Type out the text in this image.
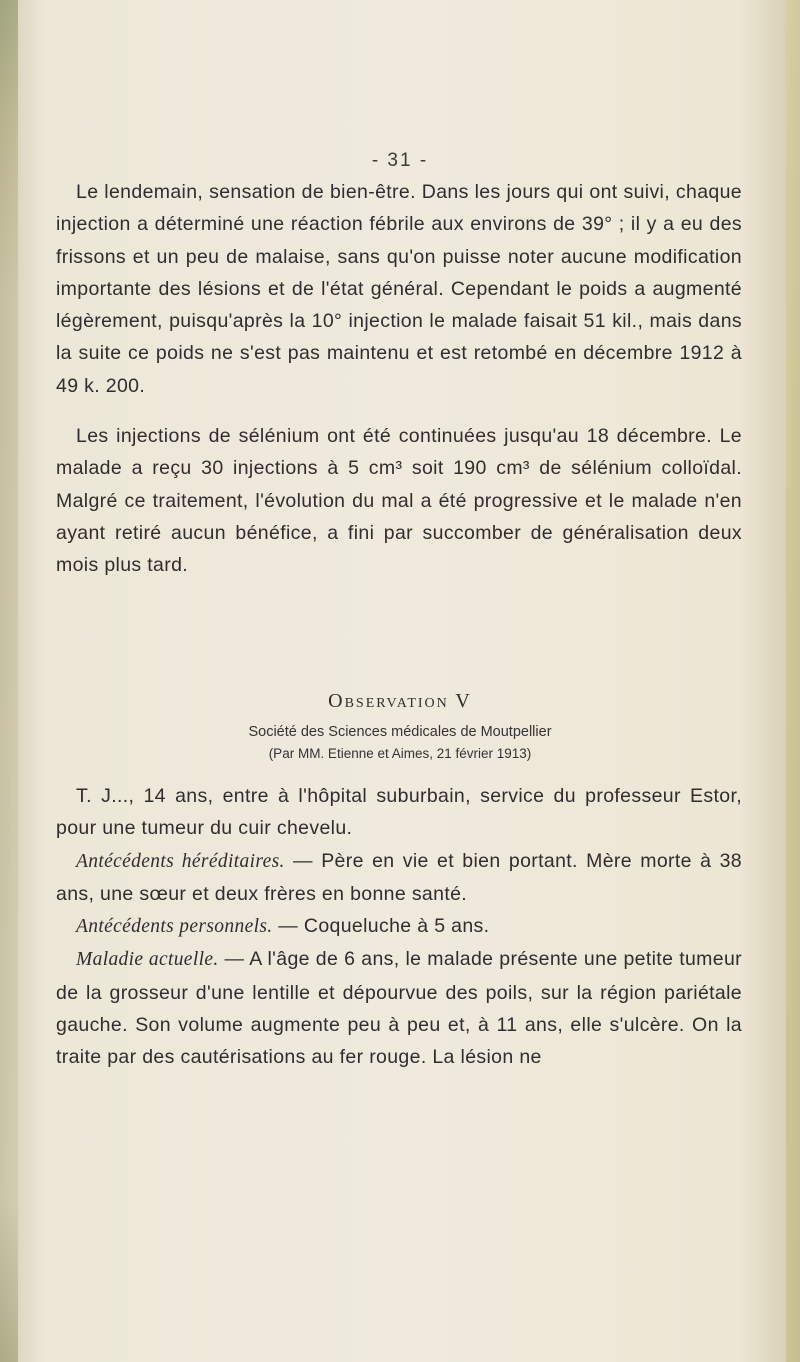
- 31 -

Le lendemain, sensation de bien-être. Dans les jours qui ont suivi, chaque injection a déterminé une réaction fébrile aux environs de 39° ; il y a eu des frissons et un peu de malaise, sans qu'on puisse noter aucune modification importante des lésions et de l'état général. Cependant le poids a augmenté légèrement, puisqu'après la 10° injection le malade faisait 51 kil., mais dans la suite ce poids ne s'est pas maintenu et est retombé en décembre 1912 à 49 k. 200.

Les injections de sélénium ont été continuées jusqu'au 18 décembre. Le malade a reçu 30 injections à 5 cm³ soit 190 cm³ de sélénium colloïdal. Malgré ce traitement, l'évolution du mal a été progressive et le malade n'en ayant retiré aucun bénéfice, a fini par succomber de généralisation deux mois plus tard.

Observation V
Société des Sciences médicales de Moutpellier
(Par MM. Etienne et Aimes, 21 février 1913)

T. J..., 14 ans, entre à l'hôpital suburbain, service du professeur Estor, pour une tumeur du cuir chevelu.

Antécédents héréditaires. — Père en vie et bien portant. Mère morte à 38 ans, une sœur et deux frères en bonne santé.

Antécédents personnels. — Coqueluche à 5 ans.

Maladie actuelle. — A l'âge de 6 ans, le malade présente une petite tumeur de la grosseur d'une lentille et dépourvue des poils, sur la région pariétale gauche. Son volume augmente peu à peu et, à 11 ans, elle s'ulcère. On la traite par des cautérisations au fer rouge. La lésion ne
